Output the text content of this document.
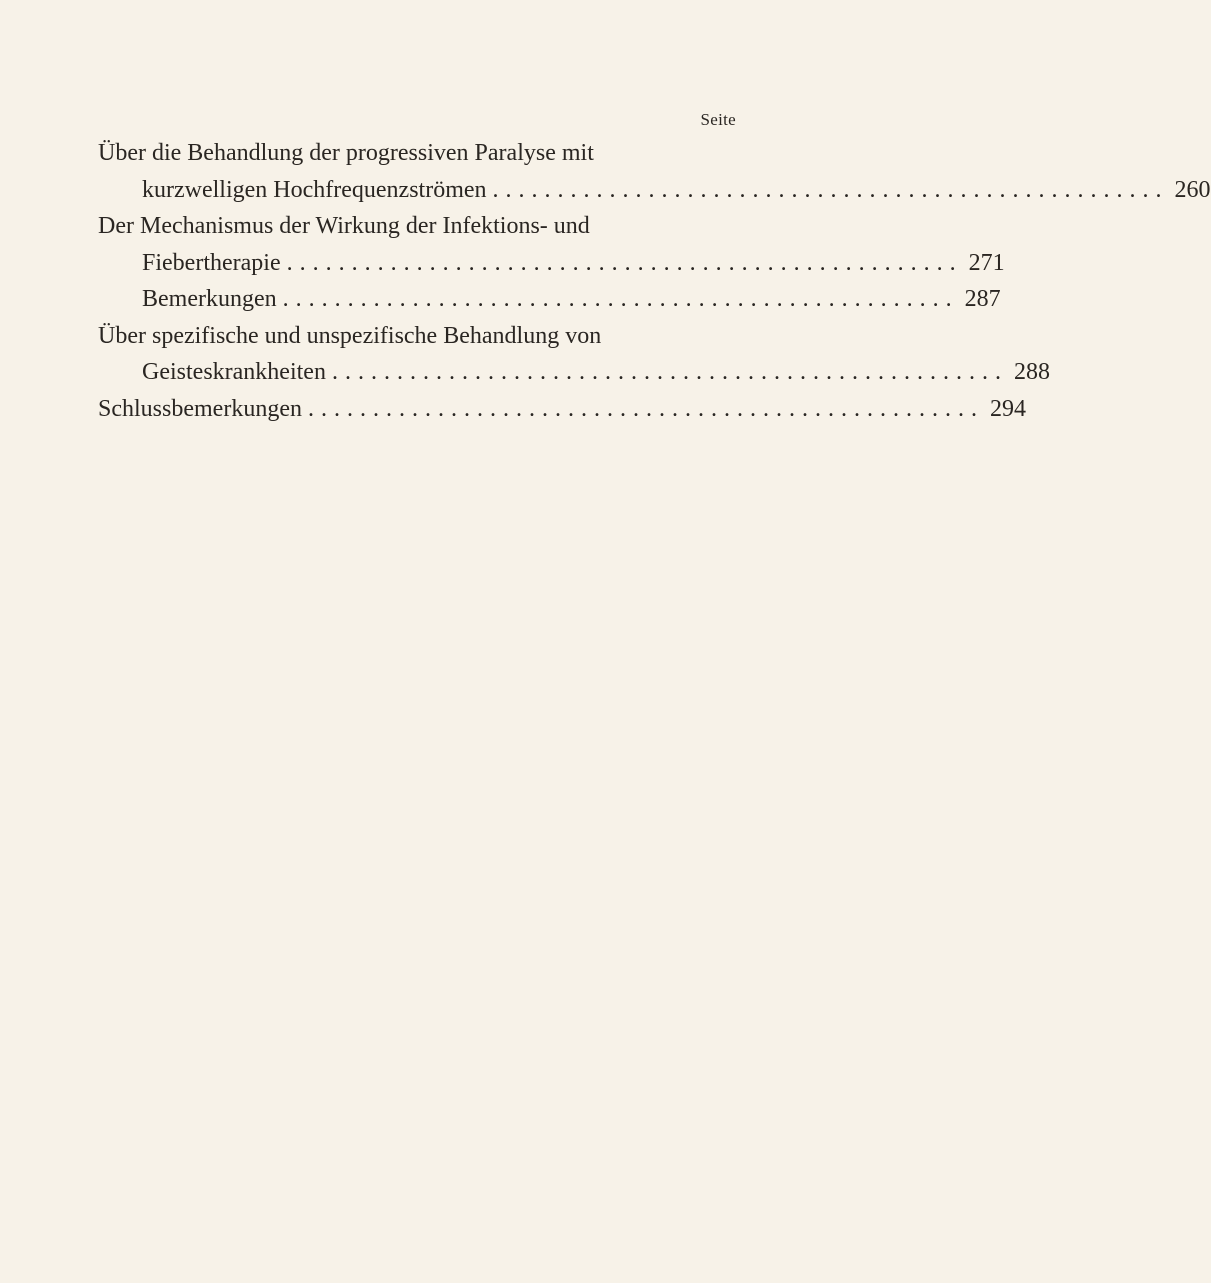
Seite
Über die Behandlung der progressiven Paralyse mit
kurzwelligen Hochfrequenzströmen .................................................... 260
Der Mechanismus der Wirkung der Infektions- und
Fiebertherapie .................................................... 271
Bemerkungen .................................................... 287
Über spezifische und unspezifische Behandlung von
Geisteskrankheiten .................................................... 288
Schlussbemerkungen .................................................... 294
